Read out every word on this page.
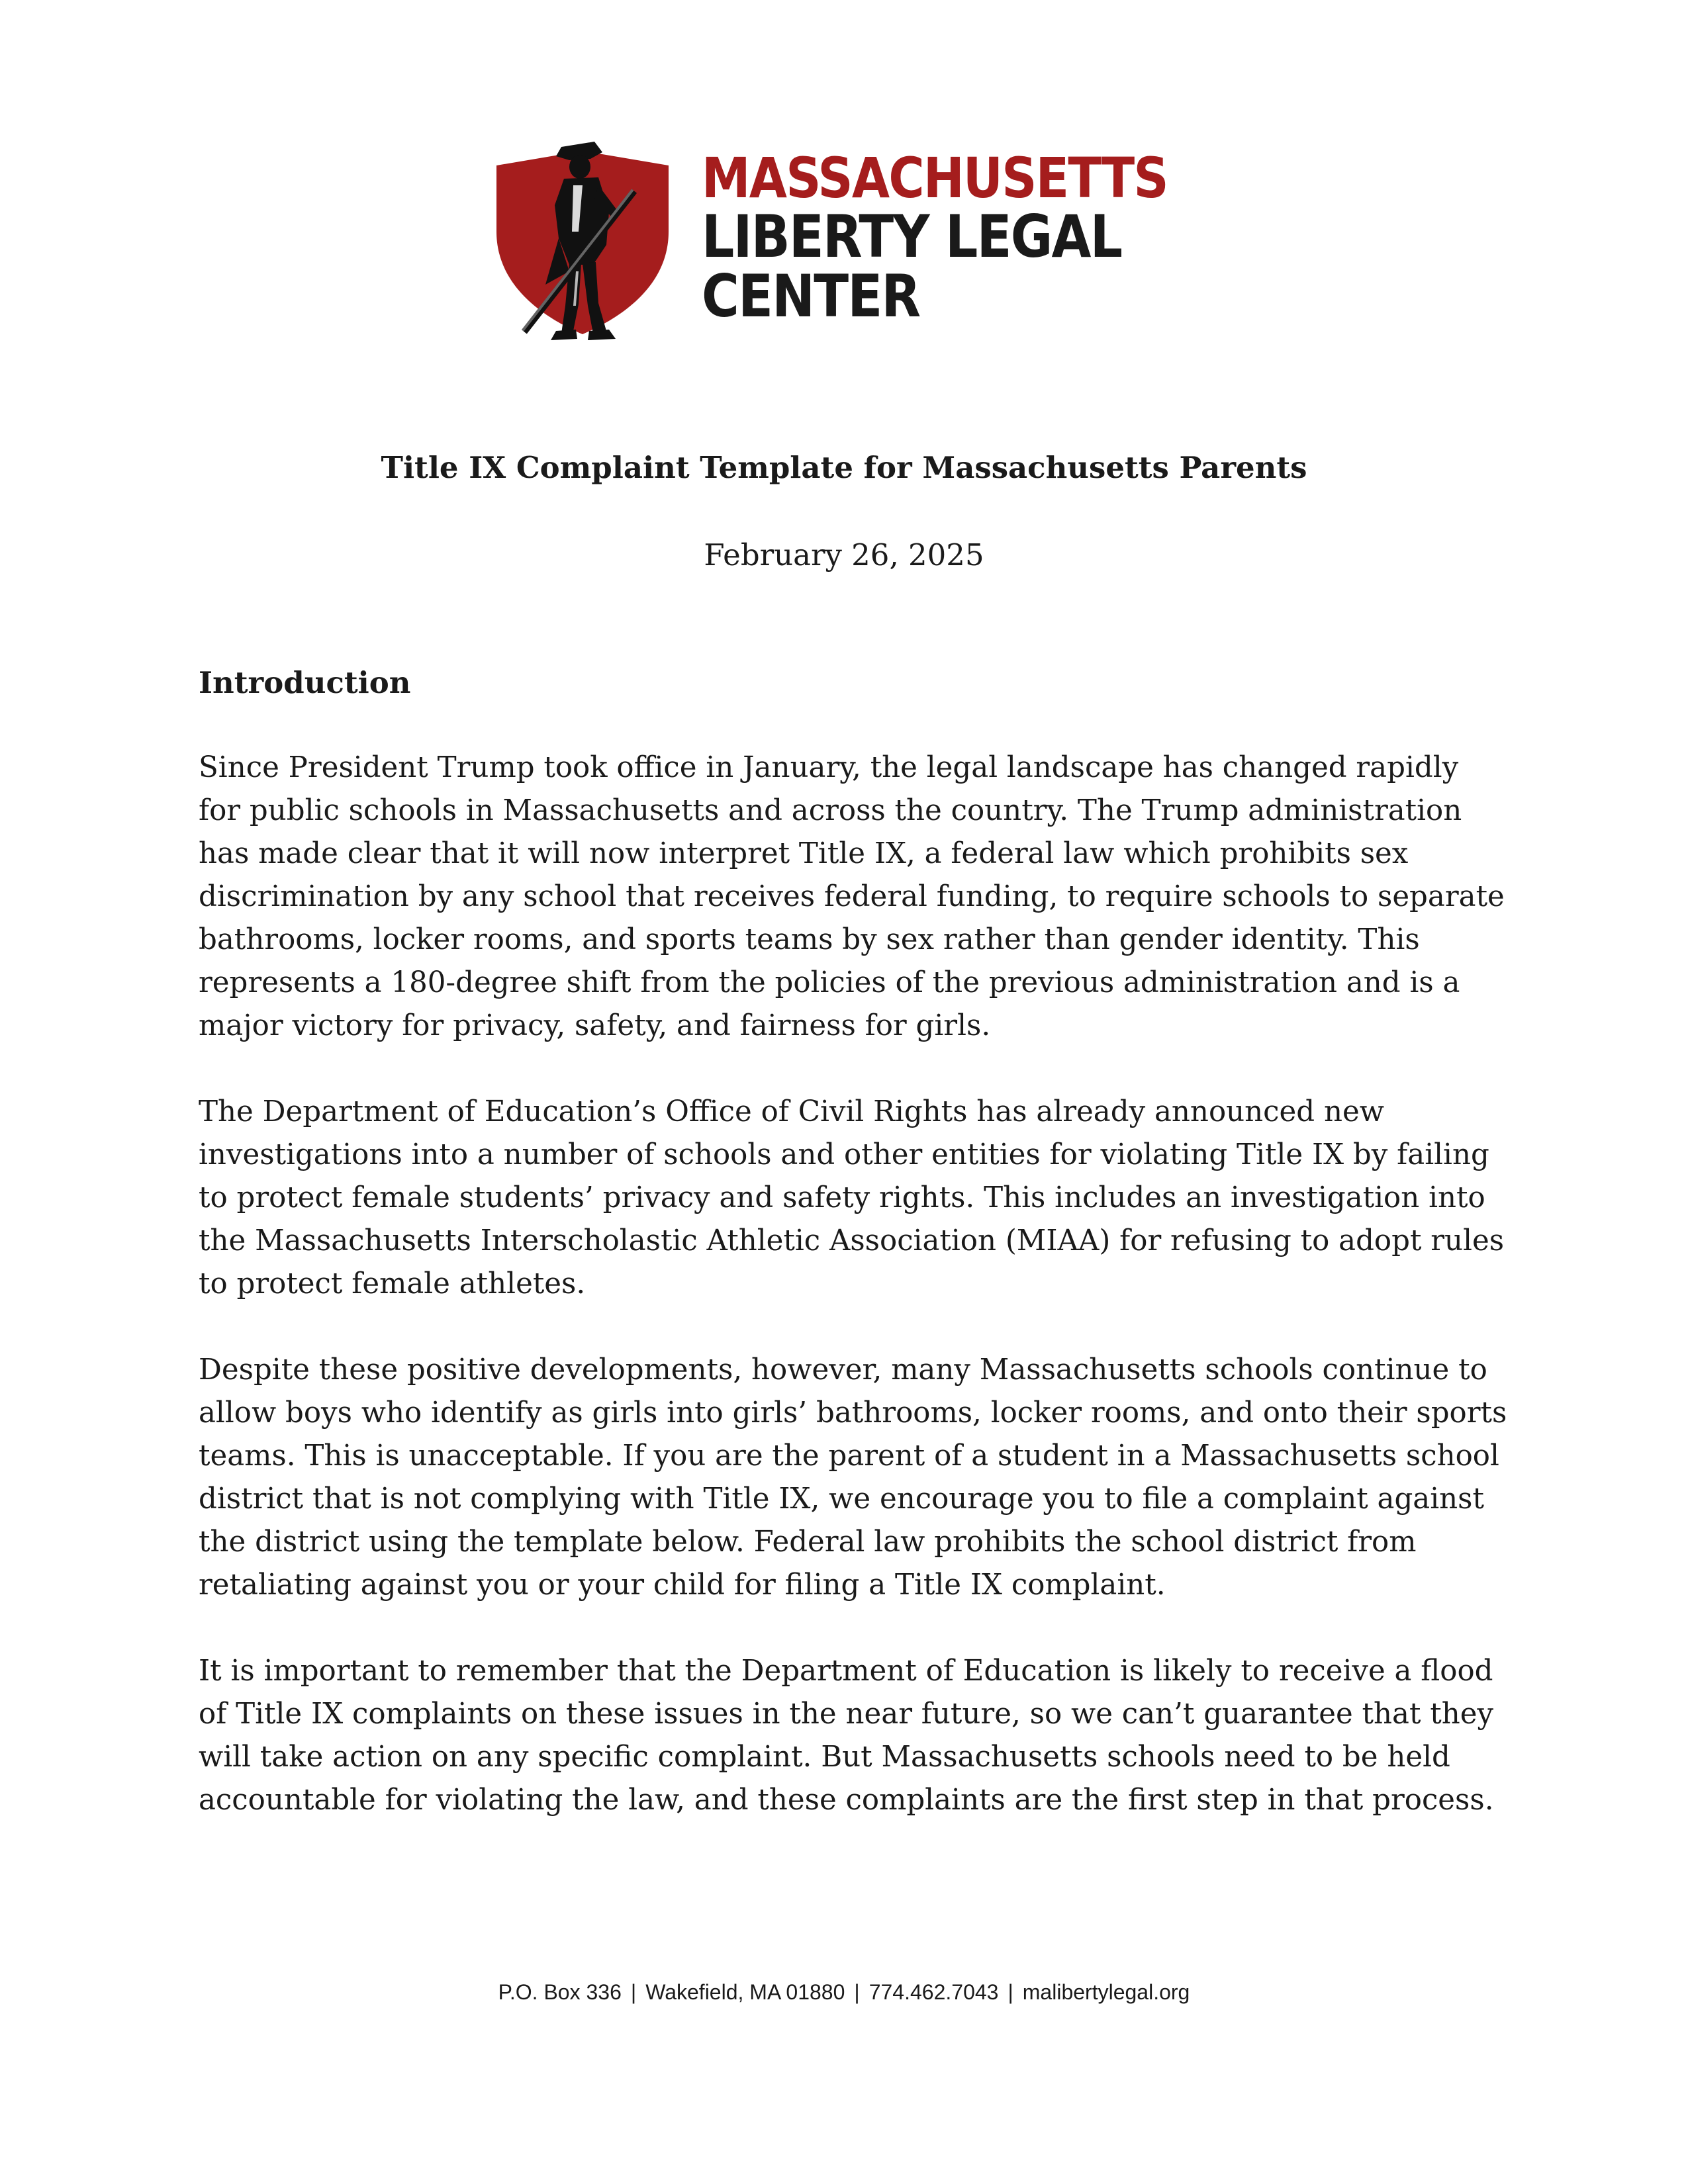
MASSACHUSETTS
LIBERTY LEGAL CENTER
Title IX Complaint Template for Massachusetts Parents
February 26, 2025
Introduction

Since President Trump took office in January, the legal landscape has changed rapidly for public schools in Massachusetts and across the country. The Trump administration has made clear that it will now interpret Title IX, a federal law which prohibits sex discrimination by any school that receives federal funding, to require schools to separate bathrooms, locker rooms, and sports teams by sex rather than gender identity. This represents a 180-degree shift from the policies of the previous administration and is a major victory for privacy, safety, and fairness for girls.

The Department of Education’s Office of Civil Rights has already announced new investigations into a number of schools and other entities for violating Title IX by failing to protect female students’ privacy and safety rights. This includes an investigation into the Massachusetts Interscholastic Athletic Association (MIAA) for refusing to adopt rules to protect female athletes.

Despite these positive developments, however, many Massachusetts schools continue to allow boys who identify as girls into girls’ bathrooms, locker rooms, and onto their sports teams. This is unacceptable. If you are the parent of a student in a Massachusetts school district that is not complying with Title IX, we encourage you to file a complaint against the district using the template below. Federal law prohibits the school district from retaliating against you or your child for filing a Title IX complaint.

It is important to remember that the Department of Education is likely to receive a flood of Title IX complaints on these issues in the near future, so we can’t guarantee that they will take action on any specific complaint. But Massachusetts schools need to be held accountable for violating the law, and these complaints are the first step in that process.

P.O. Box 336 | Wakefield, MA 01880 | 774.462.7043 | malibertylegal.org
